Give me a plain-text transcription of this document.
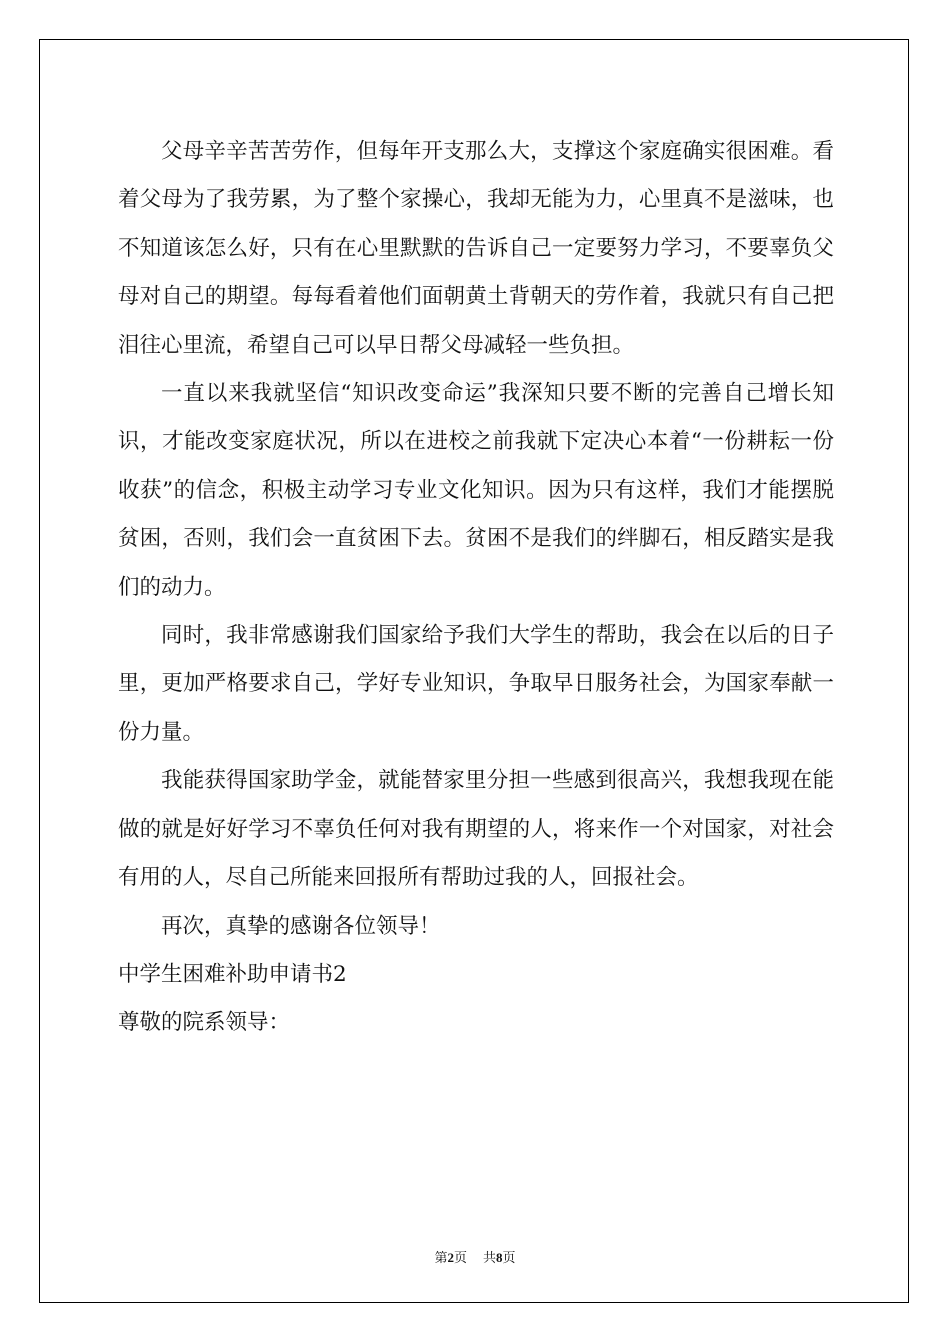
父母辛辛苦苦劳作，但每年开支那么大，支撑这个家庭确实很困难。看着父母为了我劳累，为了整个家操心，我却无能为力，心里真不是滋味，也不知道该怎么好，只有在心里默默的告诉自己一定要努力学习，不要辜负父母对自己的期望。每每看着他们面朝黄土背朝天的劳作着，我就只有自己把泪往心里流，希望自己可以早日帮父母减轻一些负担。

一直以来我就坚信“知识改变命运”我深知只要不断的完善自己增长知识，才能改变家庭状况，所以在进校之前我就下定决心本着“一份耕耘一份收获”的信念，积极主动学习专业文化知识。因为只有这样，我们才能摆脱贫困，否则，我们会一直贫困下去。贫困不是我们的绊脚石，相反踏实是我们的动力。

同时，我非常感谢我们国家给予我们大学生的帮助，我会在以后的日子里，更加严格要求自己，学好专业知识，争取早日服务社会，为国家奉献一份力量。

我能获得国家助学金，就能替家里分担一些感到很高兴，我想我现在能做的就是好好学习不辜负任何对我有期望的人，将来作一个对国家，对社会有用的人，尽自己所能来回报所有帮助过我的人，回报社会。

再次，真挚的感谢各位领导！

中学生困难补助申请书2

尊敬的院系领导：

第2页 共8页
